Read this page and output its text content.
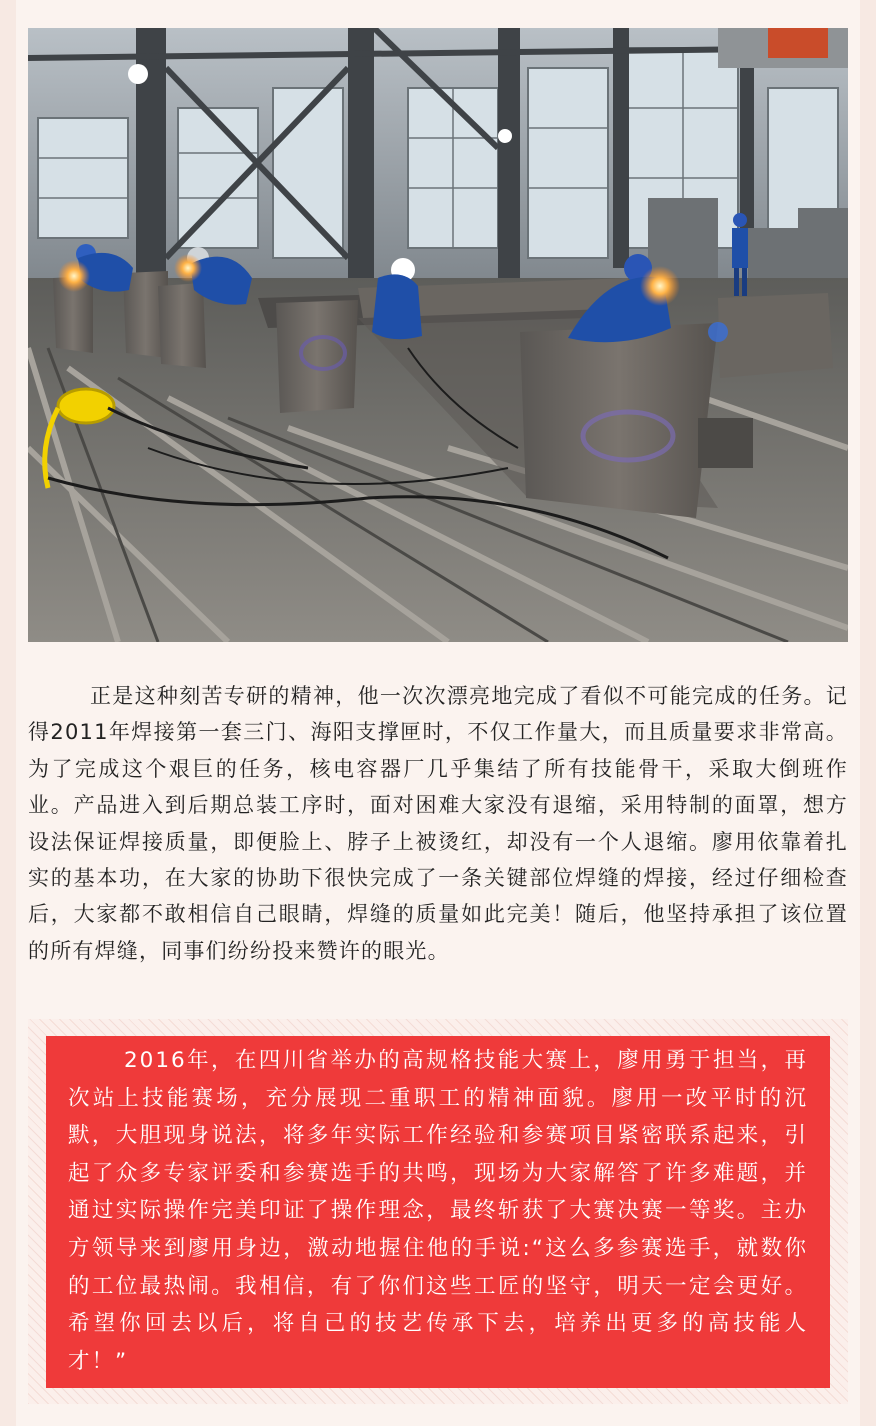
正是这种刻苦专研的精神，他一次次漂亮地完成了看似不可能完成的任务。记得2011年焊接第一套三门、海阳支撑匣时，不仅工作量大，而且质量要求非常高。为了完成这个艰巨的任务，核电容器厂几乎集结了所有技能骨干，采取大倒班作业。产品进入到后期总装工序时，面对困难大家没有退缩，采用特制的面罩，想方设法保证焊接质量，即便脸上、脖子上被烫红，却没有一个人退缩。廖用依靠着扎实的基本功，在大家的协助下很快完成了一条关键部位焊缝的焊接，经过仔细检查后，大家都不敢相信自己眼睛，焊缝的质量如此完美！随后，他坚持承担了该位置的所有焊缝，同事们纷纷投来赞许的眼光。

2016年，在四川省举办的高规格技能大赛上，廖用勇于担当，再次站上技能赛场，充分展现二重职工的精神面貌。廖用一改平时的沉默，大胆现身说法，将多年实际工作经验和参赛项目紧密联系起来，引起了众多专家评委和参赛选手的共鸣，现场为大家解答了许多难题，并通过实际操作完美印证了操作理念，最终斩获了大赛决赛一等奖。主办方领导来到廖用身边，激动地握住他的手说:“这么多参赛选手，就数你的工位最热闹。我相信，有了你们这些工匠的坚守，明天一定会更好。希望你回去以后，将自己的技艺传承下去，培养出更多的高技能人才！”
